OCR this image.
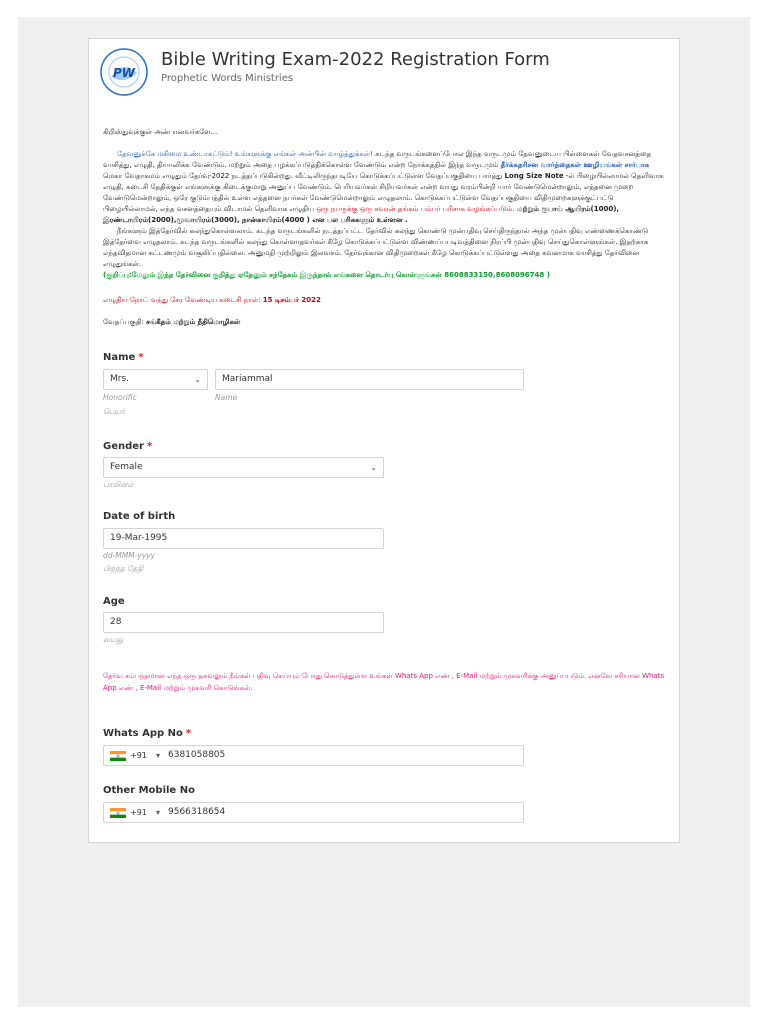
PW
Bible Writing Exam-2022 Registration Form
Prophetic Words Ministries

கிறிஸ்துவுக்குள் அன்பானவர்களே...

தேவனுக்கே மகிமை உண்டாகட்டும்! உங்களுக்கு எங்கள் அன்பின் வாழ்த்துக்கள்! கடந்த வருடங்களைப்போல இந்த வருடமும் தேவனுடைய பிள்ளைகள் வேதவசனத்தை வாசித்து, எழுதி, தியானிக்க வேண்டும். மற்றும் அதை பழக்கப்படுத்திக்கொள்ள வேண்டும் என்ற நோக்கத்தில் இந்த வருடமும் தீர்க்கதரிசன வார்த்தைகள் ஊழியங்கள் சார்பாக மெகா வேதாகமம் எழுதும் தேர்வு-2022 நடத்தப்படுகின்றது. வீட்டிலிருந்தபடியே கொடுக்கப்பட்டுள்ள வேதப்பகுதியை பார்த்து Long Size Note -ல் பிழையில்லாமல் தெளிவாக எழுதி, கடைசி தேதிக்குள் எங்களுக்கு கிடைக்குமாறு அனுப்ப வேண்டும். பெரியவர்கள் சிறியவர்கள் என்ற வயது வரம்பின்றி யார் வேண்டுமென்றாலும், எத்தனை முறை வேண்டுமென்றாலும், ஒரே குடும்பத்தில் உள்ள எத்தனை நபர்கள் வேண்டுமென்றாலும் எழுதலாம். கொடுக்கப்பட்டுள்ள வேதப்பகுதியை விதிமுறைகளுக்குட்பட்டு பிழையில்லாமல், எந்த வசனத்தையும் விடாமல் தெளிவாக எழுதிய ஒரு நபருக்கு ஒரு சவரன் தங்கம் பம்பர் பரிசாக வழங்கப்படும். மற்றும் ரூபாய் ஆயிரம்(1000), இரண்டாயிரம்(2000),மூவாயிரம்(3000), நான்காயிரம்(4000 ) என பல பரிசுகளும் உள்ளன .

நீங்களும் இத்தேர்வில் கலந்துகொள்ளலாம். கடந்த வருடங்களில் நடத்தப்பட்ட தேர்வில் கலந்து கொண்டு முன்பதிவு செய்திருந்தால் அந்த முன்பதிவு எண்ணைக்கொண்டு இத்தேர்வை எழுதலாம். கடந்த வருடங்களில் கலந்து கொள்ளாதவர்கள் கீழே கொடுக்கப்பட்டுள்ள விண்ணப்பபடிவத்தினை நிரப்பி முன்பதிவு செய்துகொள்ளுங்கள். இதற்காக எந்தவிதமான கட்டணமும் வசூலிப்பதில்லை. அனுமதி முற்றிலும் இலவசம். தேர்வுக்கான விதிமுறைகள் கீழே கொடுக்கப்பட்டுள்ளது அதை கவனமாக வாசித்து தேர்வினை எழுதுங்கள்.

(குறிப்பு:மேலும் இந்த தேர்வினை குறித்து ஏதேனும் சந்தேகம் இருந்தால் எங்களை தொடர்பு கொள்ளுங்கள் 8608833150,8608096748 )

எழுதிய நோட் வந்து சேர வேண்டிய கடைசி நாள்: 15 டிசம்பர் 2022

வேதப்பகுதி: சங்கீதம் மற்றும் நீதிமொழிகள்

Name *
Mrs.	⌄
Honorific
பெயர்
Mariammal
Name
Gender *
Female	⌄
பாலினம்
Date of birth
19-Mar-1995
dd-MMM-yyyy
பிறந்த தேதி
Age
28
வயது
தேர்வு சம்பந்தமான எந்த ஒரு தகவலும் நீங்கள் பதிவு செய்யும் போது கொடுத்துள்ள உங்கள் Whats App எண் , E-Mail மற்றும் முகவரிக்கு அனுப்பபடும். எனவே சரியான Whats App எண் , E-Mail மற்றும் முகவரி கொடுங்கள்.
Whats App No *
+91 ▾ 6381058805
Other Mobile No
+91 ▾ 9566318654
